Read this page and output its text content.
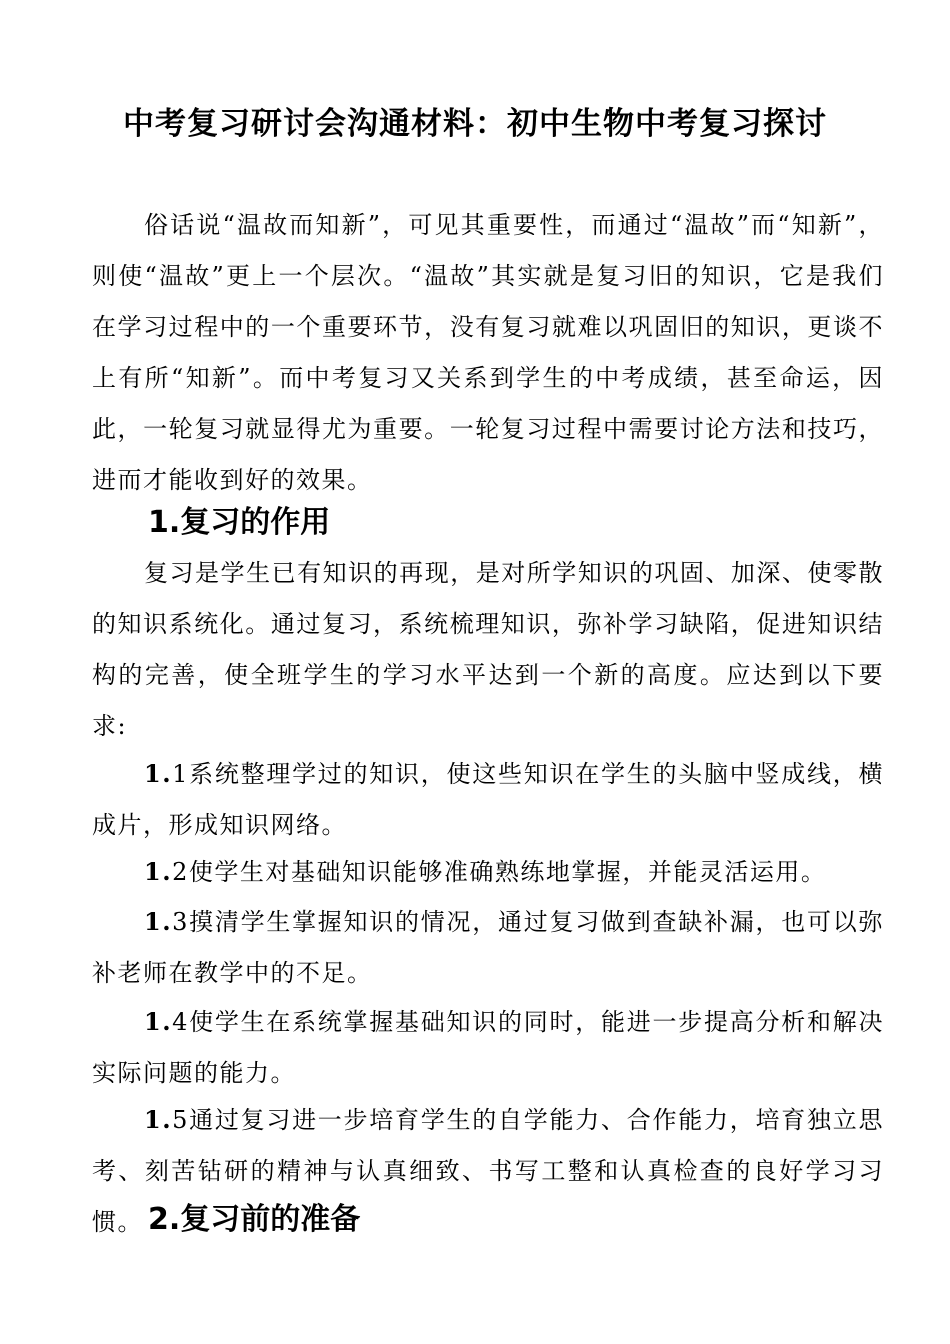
中考复习研讨会沟通材料：初中生物中考复习探讨

俗话说“温故而知新”，可见其重要性，而通过“温故”而“知新”，则使“温故”更上一个层次。“温故”其实就是复习旧的知识，它是我们在学习过程中的一个重要环节，没有复习就难以巩固旧的知识，更谈不上有所“知新”。而中考复习又关系到学生的中考成绩，甚至命运，因此，一轮复习就显得尤为重要。一轮复习过程中需要讨论方法和技巧，进而才能收到好的效果。

1.复习的作用

复习是学生已有知识的再现，是对所学知识的巩固、加深、使零散的知识系统化。通过复习，系统梳理知识，弥补学习缺陷，促进知识结构的完善，使全班学生的学习水平达到一个新的高度。应达到以下要求:

1.1系统整理学过的知识，使这些知识在学生的头脑中竖成线，横成片，形成知识网络。

1.2使学生对基础知识能够准确熟练地掌握，并能灵活运用。

1.3摸清学生掌握知识的情况，通过复习做到查缺补漏，也可以弥补老师在教学中的不足。

1.4使学生在系统掌握基础知识的同时，能进一步提高分析和解决实际问题的能力。

1.5通过复习进一步培育学生的自学能力、合作能力，培育独立思考、刻苦钻研的精神与认真细致、书写工整和认真检查的良好学习习惯。 2.复习前的准备
